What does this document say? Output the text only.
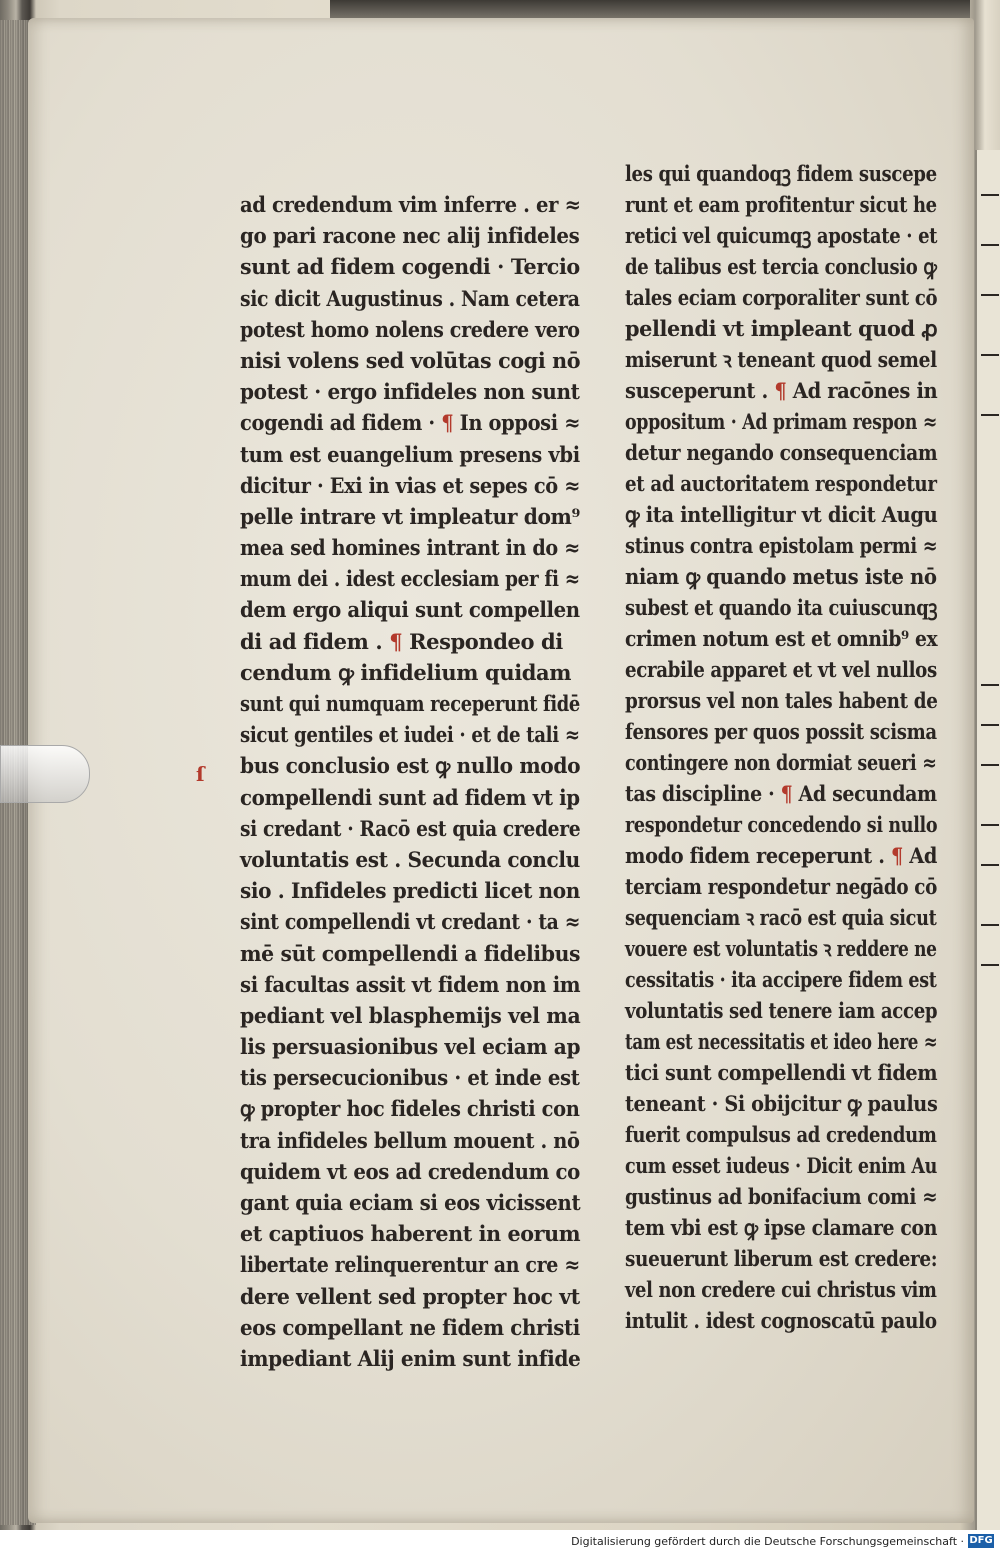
ad credendum vim inferre . er ≈
go pari racone nec alij infideles
sunt ad fidem cogendi · Tercio
sic dicit Augustinus . Nam cetera
potest homo nolens credere vero
nisi volens sed volūtas cogi nō
potest · ergo infideles non sunt
cogendi ad fidem · ¶ In opposi ≈
tum est euangelium presens vbi
dicitur · Exi in vias et sepes cō ≈
pelle intrare vt impleatur dom⁹
mea sed homines intrant in do ≈
mum dei . idest ecclesiam per fi ≈
dem ergo aliqui sunt compellen
di ad fidem . ¶ Respondeo di
cendum ꝙ infidelium quidam
sunt qui numquam receperunt fidē
sicut gentiles et iudei · et de tali ≈
bus conclusio est ꝙ nullo modo
compellendi sunt ad fidem vt ip
si credant · Racō est quia credere
voluntatis est . Secunda conclu
sio . Infideles predicti licet non
sint compellendi vt credant · ta ≈
mē sūt compellendi a fidelibus
si facultas assit vt fidem non im
pediant vel blasphemijs vel ma
lis persuasionibus vel eciam ap
tis persecucionibus · et inde est
ꝙ propter hoc fideles christi con
tra infideles bellum mouent . nō
quidem vt eos ad credendum co
gant quia eciam si eos vicissent
et captiuos haberent in eorum
libertate relinquerentur an cre ≈
dere vellent sed propter hoc vt
eos compellant ne fidem christi
impediant Alij enim sunt infide
les qui quandoqꝫ fidem suscepe
runt et eam profitentur sicut he
retici vel quicumqꝫ apostate · et
de talibus est tercia conclusio ꝙ
tales eciam corporaliter sunt cō
pellendi vt impleant quod ꝓ
miserunt ꝛ teneant quod semel
susceperunt . ¶ Ad racōnes in
oppositum · Ad primam respon ≈
detur negando consequenciam
et ad auctoritatem respondetur
ꝙ ita intelligitur vt dicit Augu
stinus contra epistolam permi ≈
niam ꝙ quando metus iste nō
subest et quando ita cuiuscunqꝫ
crimen notum est et omnib⁹ ex
ecrabile apparet et vt vel nullos
prorsus vel non tales habent de
fensores per quos possit scisma
contingere non dormiat seueri ≈
tas discipline · ¶ Ad secundam
respondetur concedendo si nullo
modo fidem receperunt . ¶ Ad
terciam respondetur negādo cō
sequenciam ꝛ racō est quia sicut
vouere est voluntatis ꝛ reddere ne
cessitatis · ita accipere fidem est
voluntatis sed tenere iam accep
tam est necessitatis et ideo here ≈
tici sunt compellendi vt fidem
teneant · Si obijcitur ꝙ paulus
fuerit compulsus ad credendum
cum esset iudeus · Dicit enim Au
gustinus ad bonifacium comi ≈
tem vbi est ꝙ ipse clamare con
sueuerunt liberum est credere:
vel non credere cui christus vim
intulit . idest cognoscatū paulo
ſ
Digitalisierung gefördert durch die Deutsche Forschungsgemeinschaft · DFG
